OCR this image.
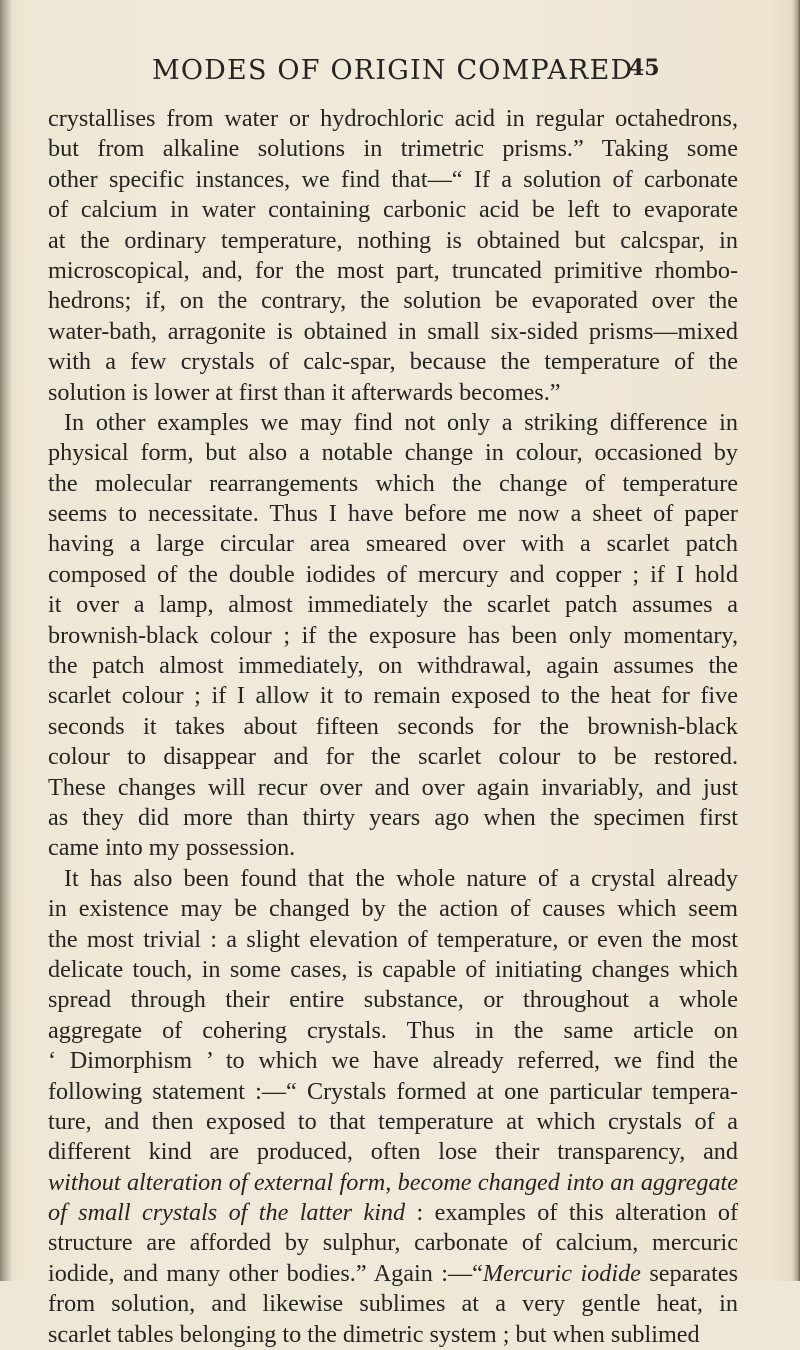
MODES OF ORIGIN COMPARED
45
crystallises from water or hydrochloric acid in regular octahedrons,
but from alkaline solutions in trimetric prisms.” Taking some
other specific instances, we find that—“ If a solution of carbonate
of calcium in water containing carbonic acid be left to evaporate
at the ordinary temperature, nothing is obtained but calcspar, in
microscopical, and, for the most part, truncated primitive rhombo-
hedrons; if, on the contrary, the solution be evaporated over the
water-bath, arragonite is obtained in small six-sided prisms—mixed
with a few crystals of calc-spar, because the temperature of the
solution is lower at first than it afterwards becomes.”
In other examples we may find not only a striking difference in
physical form, but also a notable change in colour, occasioned by
the molecular rearrangements which the change of temperature
seems to necessitate. Thus I have before me now a sheet of paper
having a large circular area smeared over with a scarlet patch
composed of the double iodides of mercury and copper ; if I hold
it over a lamp, almost immediately the scarlet patch assumes a
brownish-black colour ; if the exposure has been only momentary,
the patch almost immediately, on withdrawal, again assumes the
scarlet colour ; if I allow it to remain exposed to the heat for five
seconds it takes about fifteen seconds for the brownish-black
colour to disappear and for the scarlet colour to be restored.
These changes will recur over and over again invariably, and just
as they did more than thirty years ago when the specimen first
came into my possession.
It has also been found that the whole nature of a crystal already
in existence may be changed by the action of causes which seem
the most trivial : a slight elevation of temperature, or even the most
delicate touch, in some cases, is capable of initiating changes which
spread through their entire substance, or throughout a whole
aggregate of cohering crystals. Thus in the same article on
‘ Dimorphism ’ to which we have already referred, we find the
following statement :—“ Crystals formed at one particular tempera-
ture, and then exposed to that temperature at which crystals of a
different kind are produced, often lose their transparency, and
without alteration of external form, become changed into an aggregate
of small crystals of the latter kind : examples of this alteration of
structure are afforded by sulphur, carbonate of calcium, mercuric
iodide, and many other bodies.” Again :—“Mercuric iodide separates
from solution, and likewise sublimes at a very gentle heat, in
scarlet tables belonging to the dimetric system ; but when sublimed
